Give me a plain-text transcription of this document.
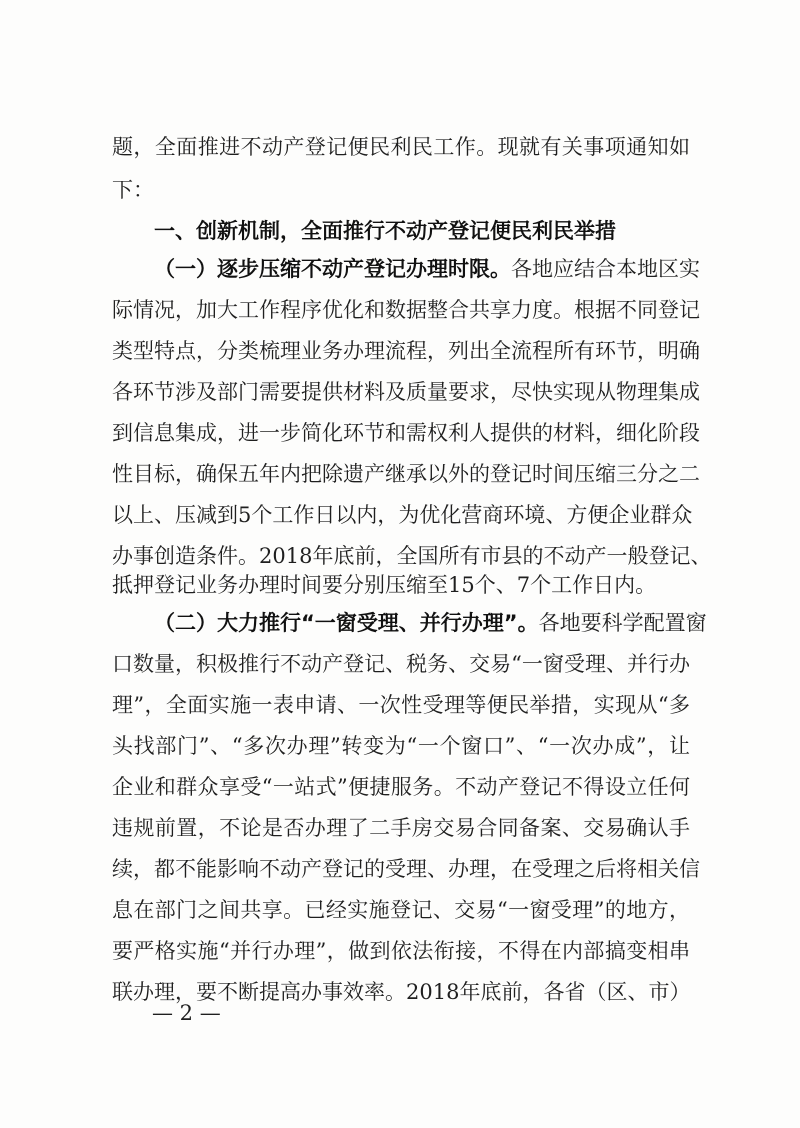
题，全面推进不动产登记便民利民工作。现就有关事项通知如
下：
一、创新机制，全面推行不动产登记便民利民举措
（一）逐步压缩不动产登记办理时限。各地应结合本地区实
际情况，加大工作程序优化和数据整合共享力度。根据不同登记
类型特点，分类梳理业务办理流程，列出全流程所有环节，明确
各环节涉及部门需要提供材料及质量要求，尽快实现从物理集成
到信息集成，进一步简化环节和需权利人提供的材料，细化阶段
性目标，确保五年内把除遗产继承以外的登记时间压缩三分之二
以上、压减到5个工作日以内，为优化营商环境、方便企业群众
办事创造条件。2018年底前，全国所有市县的不动产一般登记、
抵押登记业务办理时间要分别压缩至15个、7个工作日内。
（二）大力推行“一窗受理、并行办理”。各地要科学配置窗
口数量，积极推行不动产登记、税务、交易“一窗受理、并行办
理”，全面实施一表申请、一次性受理等便民举措，实现从“多
头找部门”、“多次办理”转变为“一个窗口”、“一次办成”，让
企业和群众享受“一站式”便捷服务。不动产登记不得设立任何
违规前置，不论是否办理了二手房交易合同备案、交易确认手
续，都不能影响不动产登记的受理、办理，在受理之后将相关信
息在部门之间共享。已经实施登记、交易“一窗受理”的地方，
要严格实施“并行办理”，做到依法衔接，不得在内部搞变相串
联办理，要不断提高办事效率。2018年底前，各省（区、市）
— 2 —
